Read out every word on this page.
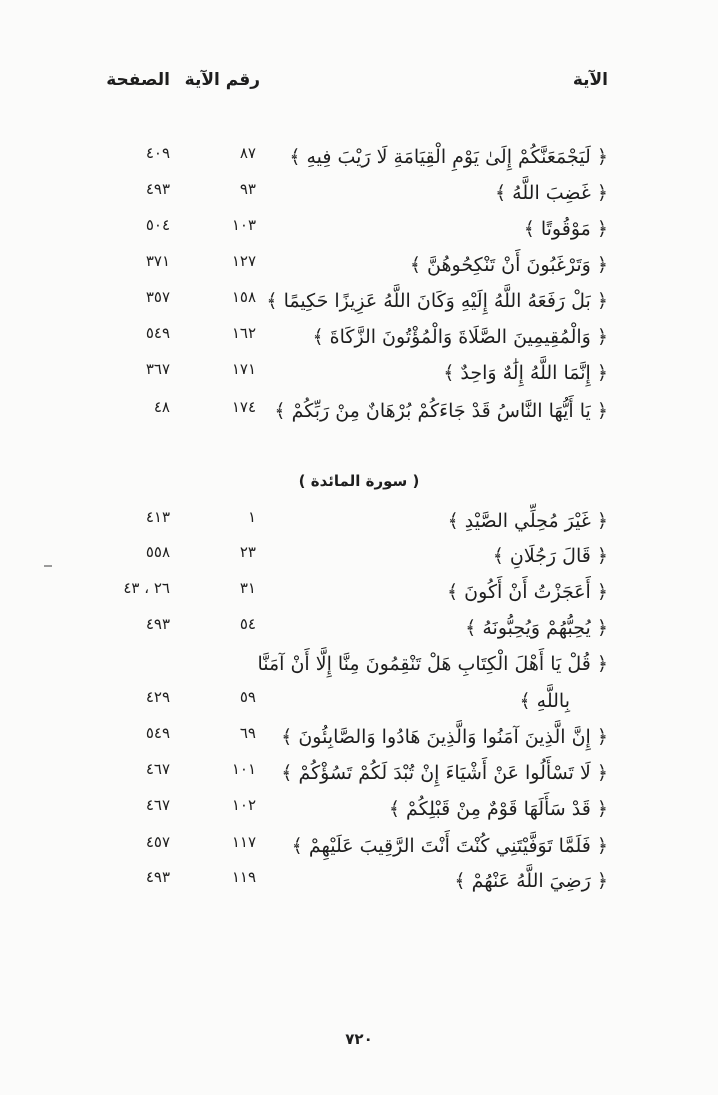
الآية
رقم الآية
الصفحة
﴿ لَيَجْمَعَنَّكُمْ إِلَىٰ يَوْمِ الْقِيَامَةِ لَا رَيْبَ فِيهِ ﴾
٨٧
٤٠٩
﴿ غَضِبَ اللَّهُ ﴾
٩٣
٤٩٣
﴿ مَوْقُوتًا ﴾
١٠٣
٥٠٤
﴿ وَتَرْغَبُونَ أَنْ تَنْكِحُوهُنَّ ﴾
١٢٧
٣٧١
﴿ بَلْ رَفَعَهُ اللَّهُ إِلَيْهِ وَكَانَ اللَّهُ عَزِيزًا حَكِيمًا ﴾
١٥٨
٣٥٧
﴿ وَالْمُقِيمِينَ الصَّلَاةَ وَالْمُؤْتُونَ الزَّكَاةَ ﴾
١٦٢
٥٤٩
﴿ إِنَّمَا اللَّهُ إِلَٰهٌ وَاحِدٌ ﴾
١٧١
٣٦٧
﴿ يَا أَيُّهَا النَّاسُ قَدْ جَاءَكُمْ بُرْهَانٌ مِنْ رَبِّكُمْ ﴾
١٧٤
٤٨
( سورة المائدة )
﴿ غَيْرَ مُحِلِّي الصَّيْدِ ﴾
١
٤١٣
﴿ قَالَ رَجُلَانِ ﴾
٢٣
٥٥٨
﴿ أَعَجَزْتُ أَنْ أَكُونَ ﴾
٣١
٢٦ ، ٤٣
﴿ يُحِبُّهُمْ وَيُحِبُّونَهُ ﴾
٥٤
٤٩٣
﴿ قُلْ يَا أَهْلَ الْكِتَابِ هَلْ تَنْقِمُونَ مِنَّا إِلَّا أَنْ آمَنَّا
بِاللَّهِ ﴾
٥٩
٤٢٩
﴿ إِنَّ الَّذِينَ آمَنُوا وَالَّذِينَ هَادُوا وَالصَّابِئُونَ ﴾
٦٩
٥٤٩
﴿ لَا تَسْأَلُوا عَنْ أَشْيَاءَ إِنْ تُبْدَ لَكُمْ تَسُؤْكُمْ ﴾
١٠١
٤٦٧
﴿ قَدْ سَأَلَهَا قَوْمٌ مِنْ قَبْلِكُمْ ﴾
١٠٢
٤٦٧
﴿ فَلَمَّا تَوَفَّيْتَنِي كُنْتَ أَنْتَ الرَّقِيبَ عَلَيْهِمْ ﴾
١١٧
٤٥٧
﴿ رَضِيَ اللَّهُ عَنْهُمْ ﴾
١١٩
٤٩٣
٧٢٠
